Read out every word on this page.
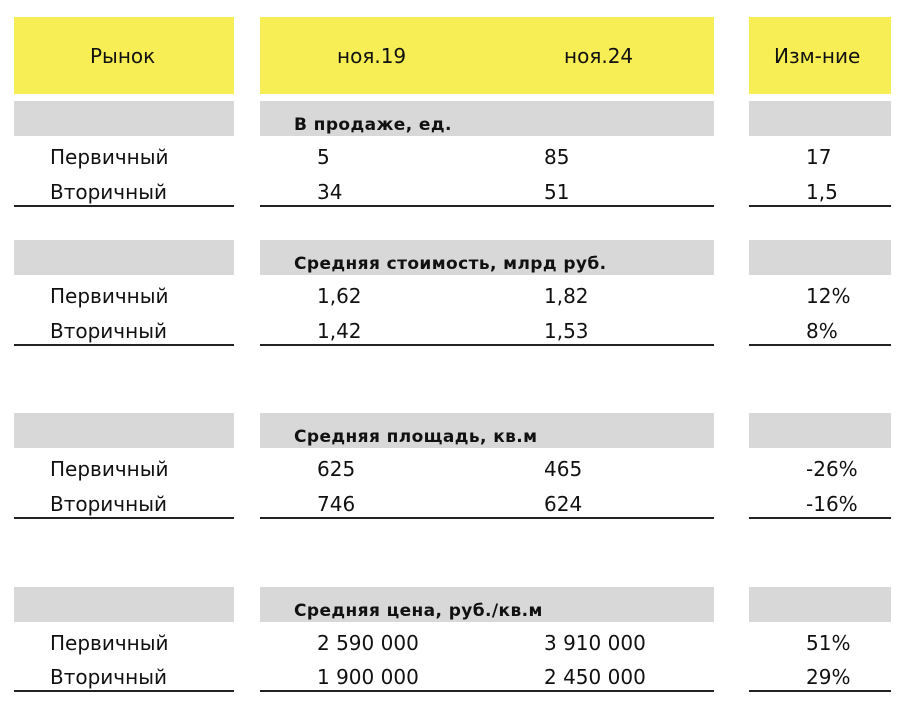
Рынок	ноя.19	ноя.24	Изм-ние
В продаже, ед.
Первичный	5	85	17
Вторичный	34	51	1,5
Средняя стоимость, млрд руб.
Первичный	1,62	1,82	12%
Вторичный	1,42	1,53	8%
Средняя площадь, кв.м
Первичный	625	465	-26%
Вторичный	746	624	-16%
Средняя цена, руб./кв.м
Первичный	2 590 000	3 910 000	51%
Вторичный	1 900 000	2 450 000	29%
